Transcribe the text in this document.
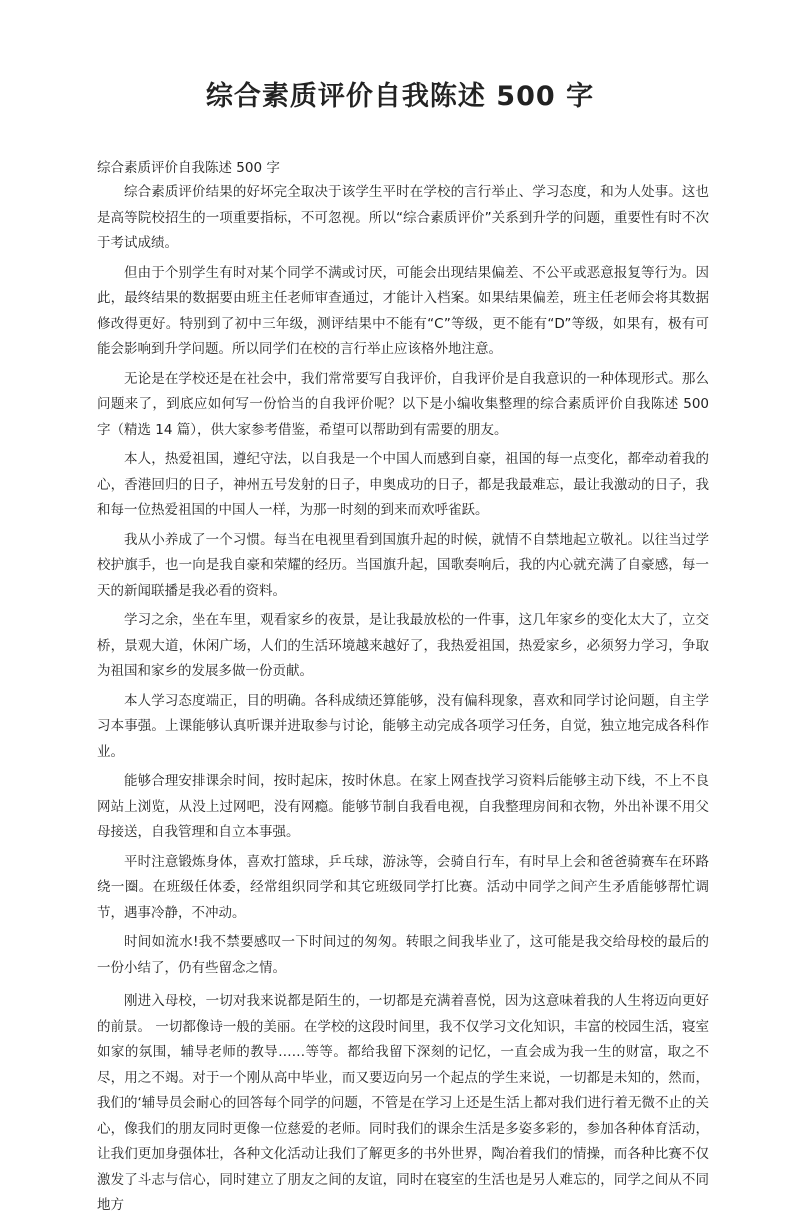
综合素质评价自我陈述 500 字
综合素质评价自我陈述 500 字

综合素质评价结果的好坏完全取决于该学生平时在学校的言行举止、学习态度，和为人处事。这也是高等院校招生的一项重要指标，不可忽视。所以“综合素质评价”关系到升学的问题，重要性有时不次于考试成绩。

但由于个别学生有时对某个同学不满或讨厌，可能会出现结果偏差、不公平或恶意报复等行为。因此，最终结果的数据要由班主任老师审查通过，才能计入档案。如果结果偏差，班主任老师会将其数据修改得更好。特别到了初中三年级，测评结果中不能有“C”等级，更不能有“D”等级，如果有，极有可能会影响到升学问题。所以同学们在校的言行举止应该格外地注意。

无论是在学校还是在社会中，我们常常要写自我评价，自我评价是自我意识的一种体现形式。那么问题来了，到底应如何写一份恰当的自我评价呢？以下是小编收集整理的综合素质评价自我陈述 500 字（精选 14 篇），供大家参考借鉴，希望可以帮助到有需要的朋友。

本人，热爱祖国，遵纪守法，以自我是一个中国人而感到自豪，祖国的每一点变化，都牵动着我的心，香港回归的日子，神州五号发射的日子，申奥成功的日子，都是我最难忘，最让我激动的日子，我和每一位热爱祖国的中国人一样，为那一时刻的到来而欢呼雀跃。

我从小养成了一个习惯。每当在电视里看到国旗升起的时候，就情不自禁地起立敬礼。以往当过学校护旗手，也一向是我自豪和荣耀的经历。当国旗升起，国歌奏响后，我的内心就充满了自豪感，每一天的新闻联播是我必看的资料。

学习之余，坐在车里，观看家乡的夜景，是让我最放松的一件事，这几年家乡的变化太大了，立交桥，景观大道，休闲广场，人们的生活环境越来越好了，我热爱祖国，热爱家乡，必须努力学习，争取为祖国和家乡的发展多做一份贡献。

本人学习态度端正，目的明确。各科成绩还算能够，没有偏科现象，喜欢和同学讨论问题，自主学习本事强。上课能够认真听课并进取参与讨论，能够主动完成各项学习任务，自觉，独立地完成各科作业。

能够合理安排课余时间，按时起床，按时休息。在家上网查找学习资料后能够主动下线，不上不良网站上浏览，从没上过网吧，没有网瘾。能够节制自我看电视，自我整理房间和衣物，外出补课不用父母接送，自我管理和自立本事强。

平时注意锻炼身体，喜欢打篮球，乒乓球，游泳等，会骑自行车，有时早上会和爸爸骑赛车在环路绕一圈。在班级任体委，经常组织同学和其它班级同学打比赛。活动中同学之间产生矛盾能够帮忙调节，遇事冷静，不冲动。

时间如流水!我不禁要感叹一下时间过的匆匆。转眼之间我毕业了，这可能是我交给母校的最后的一份小结了，仍有些留念之情。

刚进入母校，一切对我来说都是陌生的，一切都是充满着喜悦，因为这意味着我的人生将迈向更好的前景。 一切都像诗一般的美丽。在学校的这段时间里，我不仅学习文化知识，丰富的校园生活，寝室如家的氛围，辅导老师的教导……等等。都给我留下深刻的记忆，一直会成为我一生的财富，取之不尽，用之不竭。对于一个刚从高中毕业，而又要迈向另一个起点的学生来说，一切都是未知的，然而，我们的‘辅导员会耐心的回答每个同学的问题，不管是在学习上还是生活上都对我们进行着无微不止的关心，像我们的朋友同时更像一位慈爱的老师。同时我们的课余生活是多姿多彩的，参加各种体育活动，让我们更加身强体壮，各种文化活动让我们了解更多的书外世界，陶冶着我们的情操，而各种比赛不仅激发了斗志与信心，同时建立了朋友之间的友谊，同时在寝室的生活也是另人难忘的，同学之间从不同地方
